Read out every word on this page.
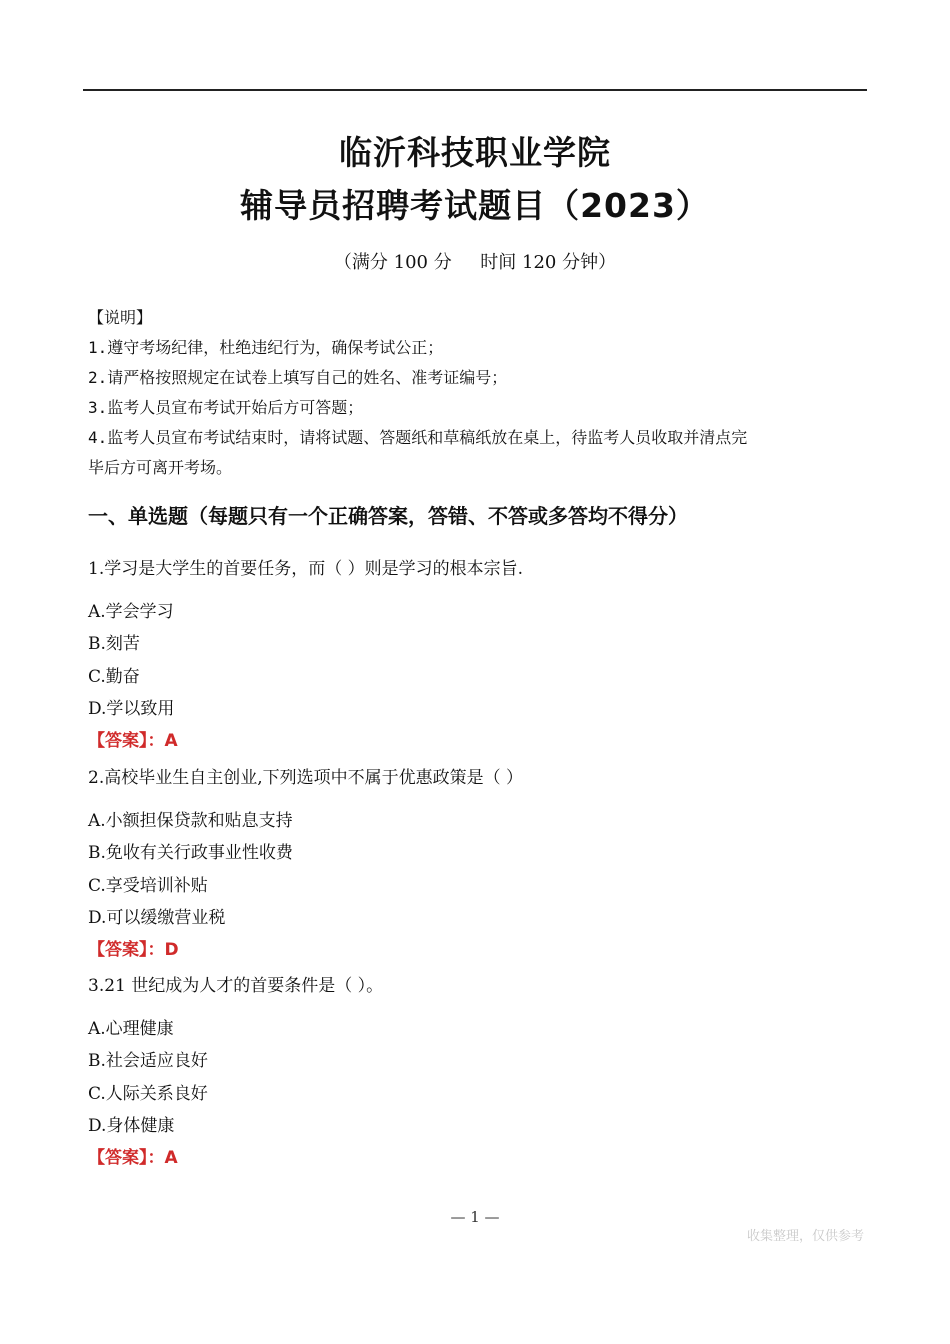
临沂科技职业学院
辅导员招聘考试题目（2023）
（满分 100 分     时间 120 分钟）
【说明】
1.遵守考场纪律，杜绝违纪行为，确保考试公正；
2.请严格按照规定在试卷上填写自己的姓名、准考证编号；
3.监考人员宣布考试开始后方可答题；
4.监考人员宣布考试结束时，请将试题、答题纸和草稿纸放在桌上，待监考人员收取并清点完
毕后方可离开考场。
一、单选题（每题只有一个正确答案，答错、不答或多答均不得分）
1.学习是大学生的首要任务，而（ ）则是学习的根本宗旨.
A.学会学习
B.刻苦
C.勤奋
D.学以致用
【答案】：A
2.高校毕业生自主创业,下列选项中不属于优惠政策是（ ）
A.小额担保贷款和贴息支持
B.免收有关行政事业性收费
C.享受培训补贴
D.可以缓缴营业税
【答案】：D
3.21 世纪成为人才的首要条件是（ ）。
A.心理健康
B.社会适应良好
C.人际关系良好
D.身体健康
【答案】：A
— 1 —
收集整理，仅供参考
